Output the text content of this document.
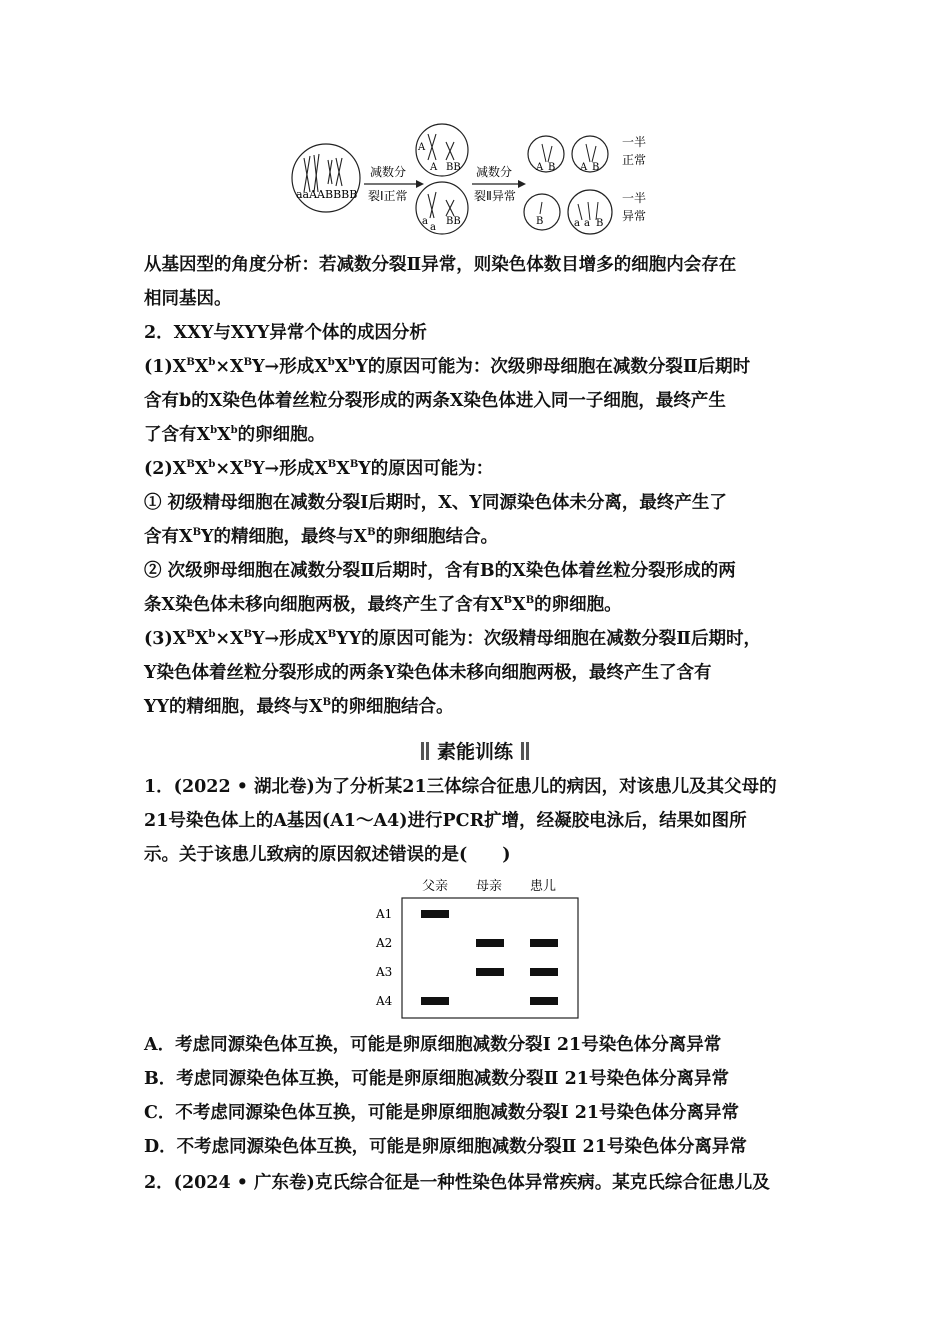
aaAABBBB
减数分
裂Ⅰ正常
A
A BB
a
a
BB
减数分
裂Ⅱ异常
A B A B
B	a a B
一半
正常
一半
异常
从基因型的角度分析：若减数分裂Ⅱ异常，则染色体数目增多的细胞内会存在
相同基因。
2．XXY与XYY异常个体的成因分析
$(1)X^BX^b\times X^BY\to$形成$X^bX^bY$的原因可能为：次级卵母细胞在减数分裂Ⅱ后期时
含有b的X染色体着丝粒分裂形成的两条X染色体进入同一子细胞，最终产生
了含有$X^bX^b$的卵细胞。
$(2)X^BX^b\times X^BY\to$形成$X^BX^BY$的原因可能为：
① 初级精母细胞在减数分裂Ⅰ后期时，X、Y同源染色体未分离，最终产生了
含有$X^BY$的精细胞，最终与$X^B$的卵细胞结合。
② 次级卵母细胞在减数分裂Ⅱ后期时，含有B的X染色体着丝粒分裂形成的两
条X染色体未移向细胞两极，最终产生了含有$X^BX^B$的卵细胞。
$(3)X^BX^b\times X^BY\to$形成$X^BYY$的原因可能为：次级精母细胞在减数分裂Ⅱ后期时，
Y染色体着丝粒分裂形成的两条Y染色体未移向细胞两极，最终产生了含有
YY的精细胞，最终与$X^B$的卵细胞结合。
素能训练
1．(2022 • 湖北卷)为了分析某21三体综合征患儿的病因，对该患儿及其父母的
21号染色体上的A基因(A1～A4)进行PCR扩增，经凝胶电泳后，结果如图所
示。关于该患儿致病的原因叙述错误的是(　　)
父亲 母亲 患儿
A1
A2
A3
A4
A．考虑同源染色体互换，可能是卵原细胞减数分裂Ⅰ 21号染色体分离异常
B．考虑同源染色体互换，可能是卵原细胞减数分裂Ⅱ 21号染色体分离异常
C．不考虑同源染色体互换，可能是卵原细胞减数分裂Ⅰ 21号染色体分离异常
D．不考虑同源染色体互换，可能是卵原细胞减数分裂Ⅱ 21号染色体分离异常
2．(2024 • 广东卷)克氏综合征是一种性染色体异常疾病。某克氏综合征患儿及
